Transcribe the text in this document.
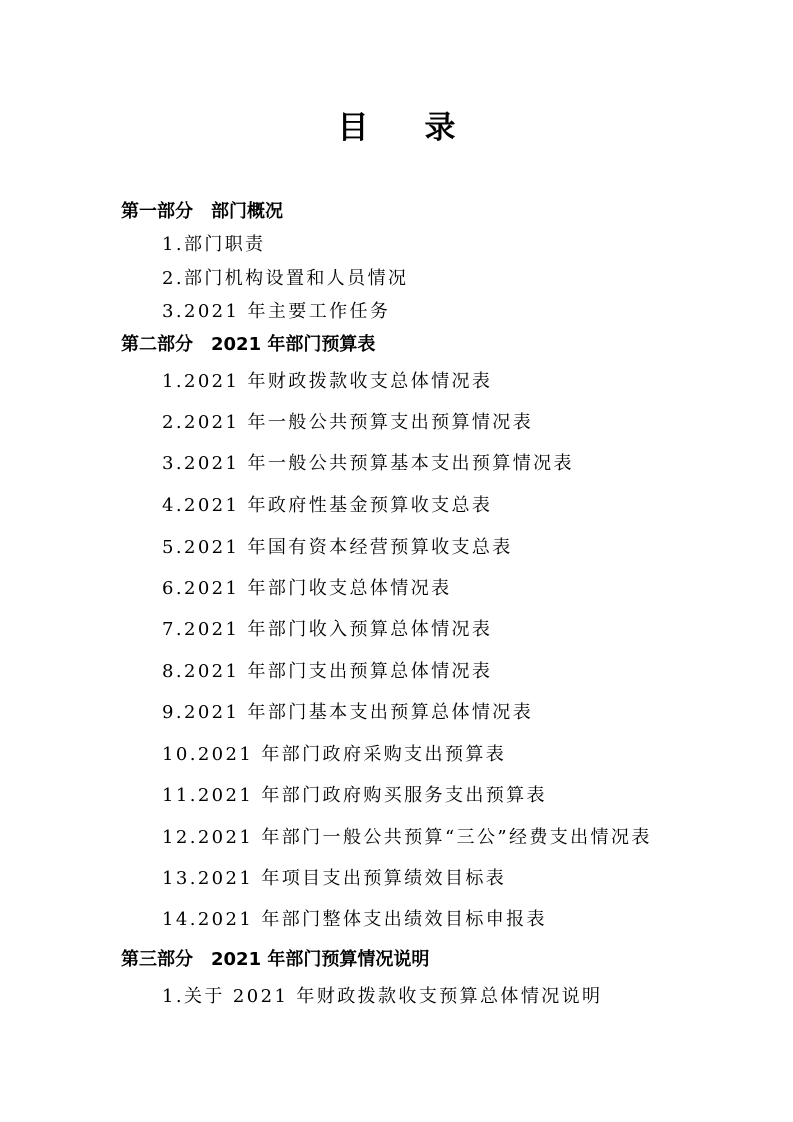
目录
第一部分　部门概况
1.部门职责
2.部门机构设置和人员情况
3.2021 年主要工作任务
第二部分　2021 年部门预算表
1.2021 年财政拨款收支总体情况表
2.2021 年一般公共预算支出预算情况表
3.2021 年一般公共预算基本支出预算情况表
4.2021 年政府性基金预算收支总表
5.2021 年国有资本经营预算收支总表
6.2021 年部门收支总体情况表
7.2021 年部门收入预算总体情况表
8.2021 年部门支出预算总体情况表
9.2021 年部门基本支出预算总体情况表
10.2021 年部门政府采购支出预算表
11.2021 年部门政府购买服务支出预算表
12.2021 年部门一般公共预算“三公”经费支出情况表
13.2021 年项目支出预算绩效目标表
14.2021 年部门整体支出绩效目标申报表
第三部分　2021 年部门预算情况说明
1.关于 2021 年财政拨款收支预算总体情况说明
